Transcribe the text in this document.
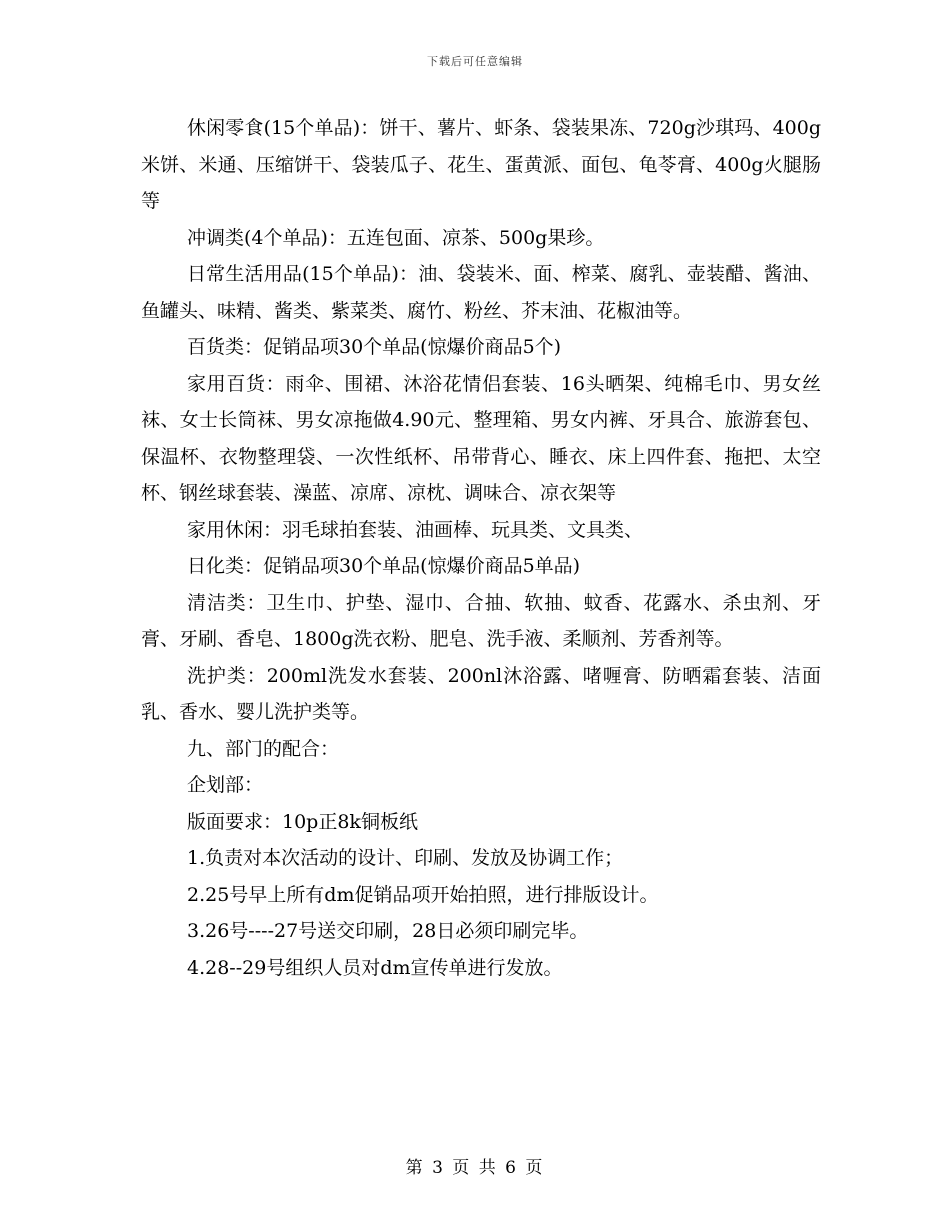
下载后可任意编辑

休闲零食(15个单品)：饼干、薯片、虾条、袋装果冻、720g沙琪玛、400g米饼、米通、压缩饼干、袋装瓜子、花生、蛋黄派、面包、龟苓膏、400g火腿肠等

冲调类(4个单品)：五连包面、凉茶、500g果珍。

日常生活用品(15个单品)：油、袋装米、面、榨菜、腐乳、壶装醋、酱油、鱼罐头、味精、酱类、紫菜类、腐竹、粉丝、芥末油、花椒油等。

百货类：促销品项30个单品(惊爆价商品5个)

家用百货：雨伞、围裙、沐浴花情侣套装、16头晒架、纯棉毛巾、男女丝袜、女士长筒袜、男女凉拖做4.90元、整理箱、男女内裤、牙具合、旅游套包、保温杯、衣物整理袋、一次性纸杯、吊带背心、睡衣、床上四件套、拖把、太空杯、钢丝球套装、澡蓝、凉席、凉枕、调味合、凉衣架等

家用休闲：羽毛球拍套装、油画棒、玩具类、文具类、

日化类：促销品项30个单品(惊爆价商品5单品)

清洁类：卫生巾、护垫、湿巾、合抽、软抽、蚊香、花露水、杀虫剂、牙膏、牙刷、香皂、1800g洗衣粉、肥皂、洗手液、柔顺剂、芳香剂等。

洗护类：200ml洗发水套装、200nl沐浴露、啫喱膏、防晒霜套装、洁面乳、香水、婴儿洗护类等。

九、部门的配合：

企划部：

版面要求：10p正8k铜板纸

1.负责对本次活动的设计、印刷、发放及协调工作；

2.25号早上所有dm促销品项开始拍照，进行排版设计。

3.26号----27号送交印刷，28日必须印刷完毕。

4.28--29号组织人员对dm宣传单进行发放。

第 3 页 共 6 页
